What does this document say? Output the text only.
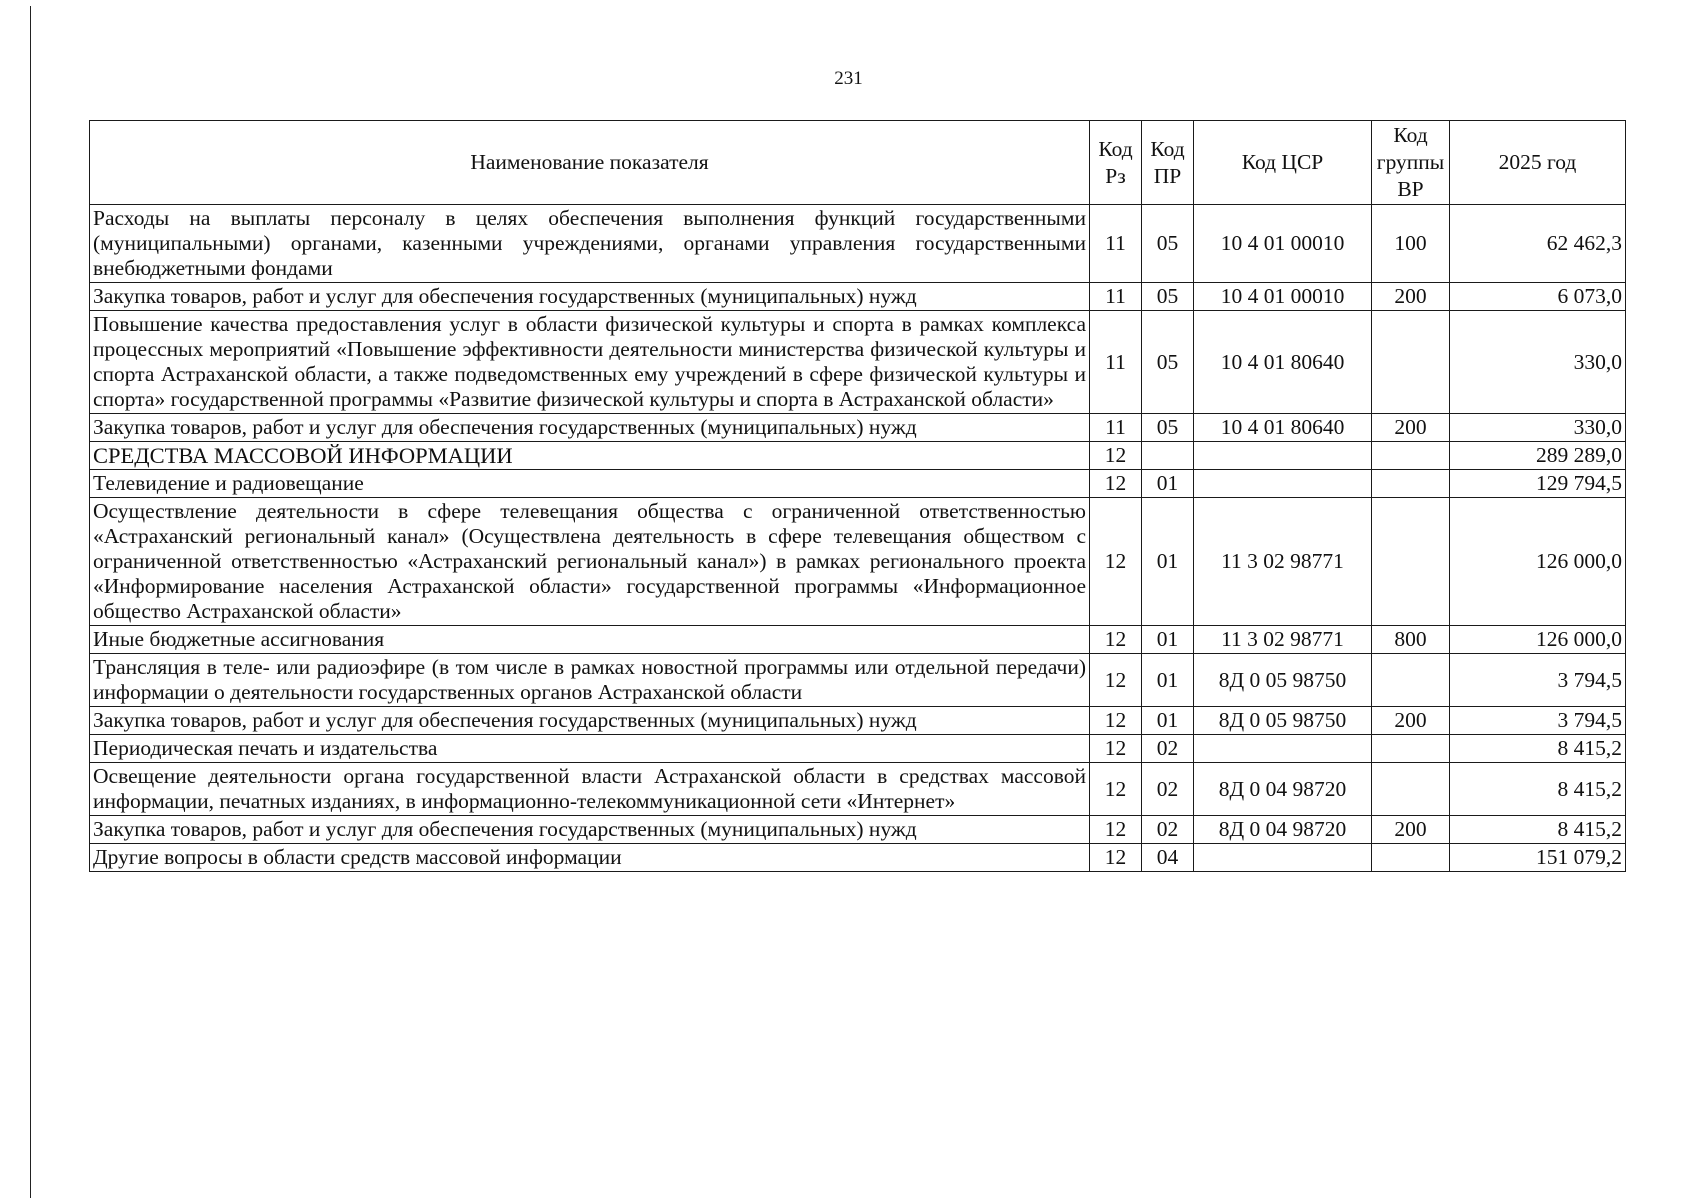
231
Наименование показателя	Код Рз	Код ПР	Код ЦСР	Код группы ВР	2025 год
Расходы на выплаты персоналу в целях обеспечения выполнения функций государственными (муниципальными) органами, казенными учреждениями, органами управления государственными внебюджетными фондами	11	05	10 4 01 00010	100	62 462,3
Закупка товаров, работ и услуг для обеспечения государственных (муниципальных) нужд	11	05	10 4 01 00010	200	6 073,0
Повышение качества предоставления услуг в области физической культуры и спорта в рамках комплекса процессных мероприятий «Повышение эффективности деятельности министерства физической культуры и спорта Астраханской области, а также подведомственных ему учреждений в сфере физической культуры и спорта» государственной программы «Развитие физической культуры и спорта в Астраханской области»	11	05	10 4 01 80640		330,0
Закупка товаров, работ и услуг для обеспечения государственных (муниципальных) нужд	11	05	10 4 01 80640	200	330,0
СРЕДСТВА МАССОВОЙ ИНФОРМАЦИИ	12				289 289,0
Телевидение и радиовещание	12	01			129 794,5
Осуществление деятельности в сфере телевещания общества с ограниченной ответственностью «Астраханский региональный канал» (Осуществлена деятельность в сфере телевещания обществом с ограниченной ответственностью «Астраханский региональный канал») в рамках регионального проекта «Информирование населения Астраханской области» государственной программы «Информационное общество Астраханской области»	12	01	11 3 02 98771		126 000,0
Иные бюджетные ассигнования	12	01	11 3 02 98771	800	126 000,0
Трансляция в теле- или радиоэфире (в том числе в рамках новостной программы или отдельной передачи) информации о деятельности государственных органов Астраханской области	12	01	8Д 0 05 98750		3 794,5
Закупка товаров, работ и услуг для обеспечения государственных (муниципальных) нужд	12	01	8Д 0 05 98750	200	3 794,5
Периодическая печать и издательства	12	02			8 415,2
Освещение деятельности органа государственной власти Астраханской области в средствах массовой информации, печатных изданиях, в информационно-телекоммуникационной сети «Интернет»	12	02	8Д 0 04 98720		8 415,2
Закупка товаров, работ и услуг для обеспечения государственных (муниципальных) нужд	12	02	8Д 0 04 98720	200	8 415,2
Другие вопросы в области средств массовой информации	12	04			151 079,2
